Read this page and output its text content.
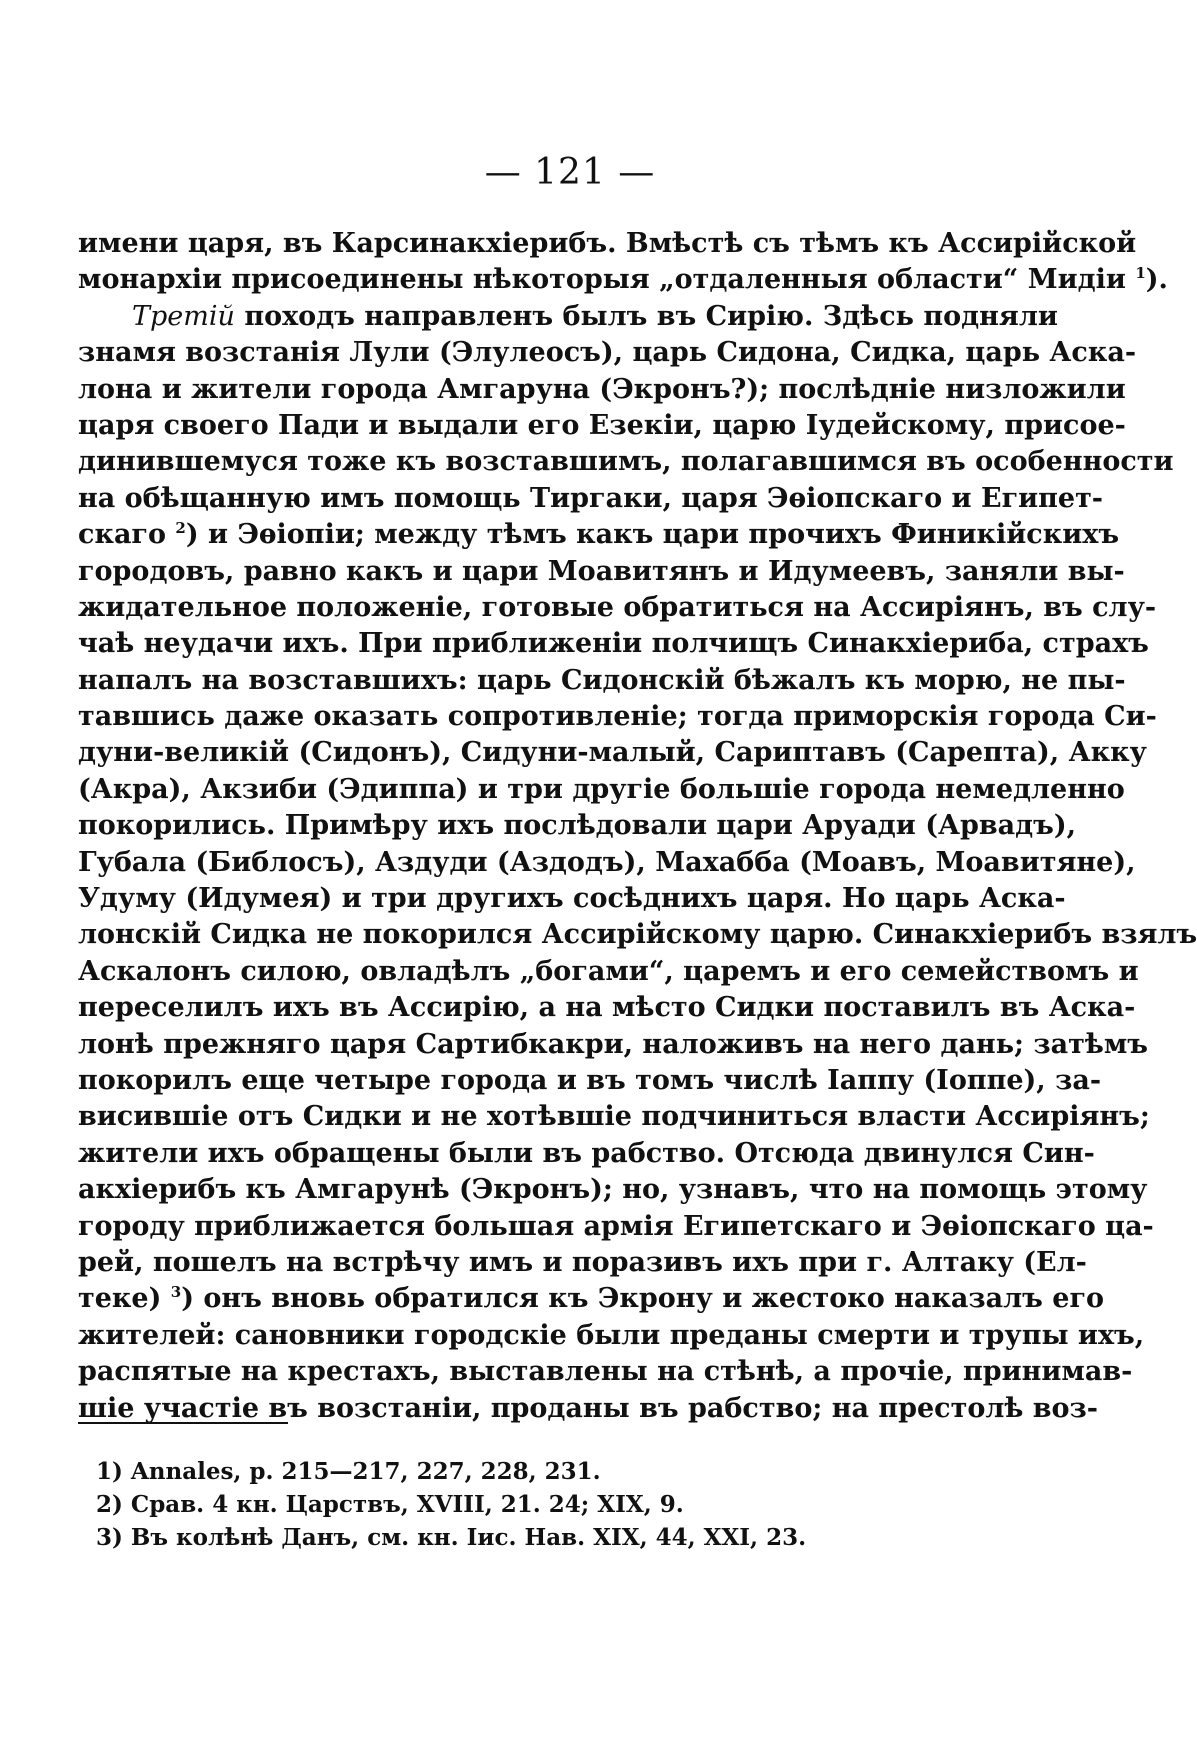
— 121 —
имени царя, въ Карсинакхіерибъ. Вмѣстѣ съ тѣмъ къ Ассирійской
монархіи присоединены нѣкоторыя „отдаленныя области“ Мидіи $^1$).
Третій походъ направленъ былъ въ Сирію. Здѣсь подняли
знамя возстанія Лули (Элулеосъ), царь Сидона, Сидка, царь Аска-
лона и жители города Амгаруна (Экронъ?); послѣдніе низложили
царя своего Пади и выдали его Езекіи, царю Іудейскому, присое-
динившемуся тоже къ возставшимъ, полагавшимся въ особенности
на обѣщанную имъ помощь Тиргаки, царя Эѳіопскаго и Египет-
скаго $^2$) и Эѳіопіи; между тѣмъ какъ цари прочихъ Финикійскихъ
городовъ, равно какъ и цари Моавитянъ и Идумеевъ, заняли вы-
жидательное положеніе, готовые обратиться на Ассиріянъ, въ слу-
чаѣ неудачи ихъ. При приближеніи полчищъ Синакхіериба, страхъ
напалъ на возставшихъ: царь Сидонскій бѣжалъ къ морю, не пы-
тавшись даже оказать сопротивленіе; тогда приморскія города Си-
дуни-великій (Сидонъ), Сидуни-малый, Сариптавъ (Сарепта), Акку
(Акра), Акзиби (Эдиппа) и три другіе большіе города немедленно
покорились. Примѣру ихъ послѣдовали цари Аруади (Арвадъ),
Губала (Библосъ), Аздуди (Аздодъ), Махабба (Моавъ, Моавитяне),
Удуму (Идумея) и три другихъ сосѣднихъ царя. Но царь Аска-
лонскій Сидка не покорился Ассирійскому царю. Синакхіерибъ взялъ
Аскалонъ силою, овладѣлъ „богами“, царемъ и его семействомъ и
переселилъ ихъ въ Ассирію, а на мѣсто Сидки поставилъ въ Аска-
лонѣ прежняго царя Сартибкакри, наложивъ на него дань; затѣмъ
покорилъ еще четыре города и въ томъ числѣ Іаппу (Іоппе), за-
висившіе отъ Сидки и не хотѣвшіе подчиниться власти Ассиріянъ;
жители ихъ обращены были въ рабство. Отсюда двинулся Син-
акхіерибъ къ Амгарунѣ (Экронъ); но, узнавъ, что на помощь этому
городу приближается большая армія Египетскаго и Эѳіопскаго ца-
рей, пошелъ на встрѣчу имъ и поразивъ ихъ при г. Алтаку (Ел-
теке) $^3$) онъ вновь обратился къ Экрону и жестоко наказалъ его
жителей: сановники городскіе были преданы смерти и трупы ихъ,
распятые на крестахъ, выставлены на стѣнѣ, а прочіе, принимав-
шіе участіе въ возстаніи, проданы въ рабство; на престолѣ воз-
1) Annales, p. 215—217, 227, 228, 231.
2) Срав. 4 кн. Царствъ, XVIII, 21. 24; XIX, 9.
3) Въ колѣнѣ Данъ, см. кн. Іис. Нав. XIX, 44, XXI, 23.
